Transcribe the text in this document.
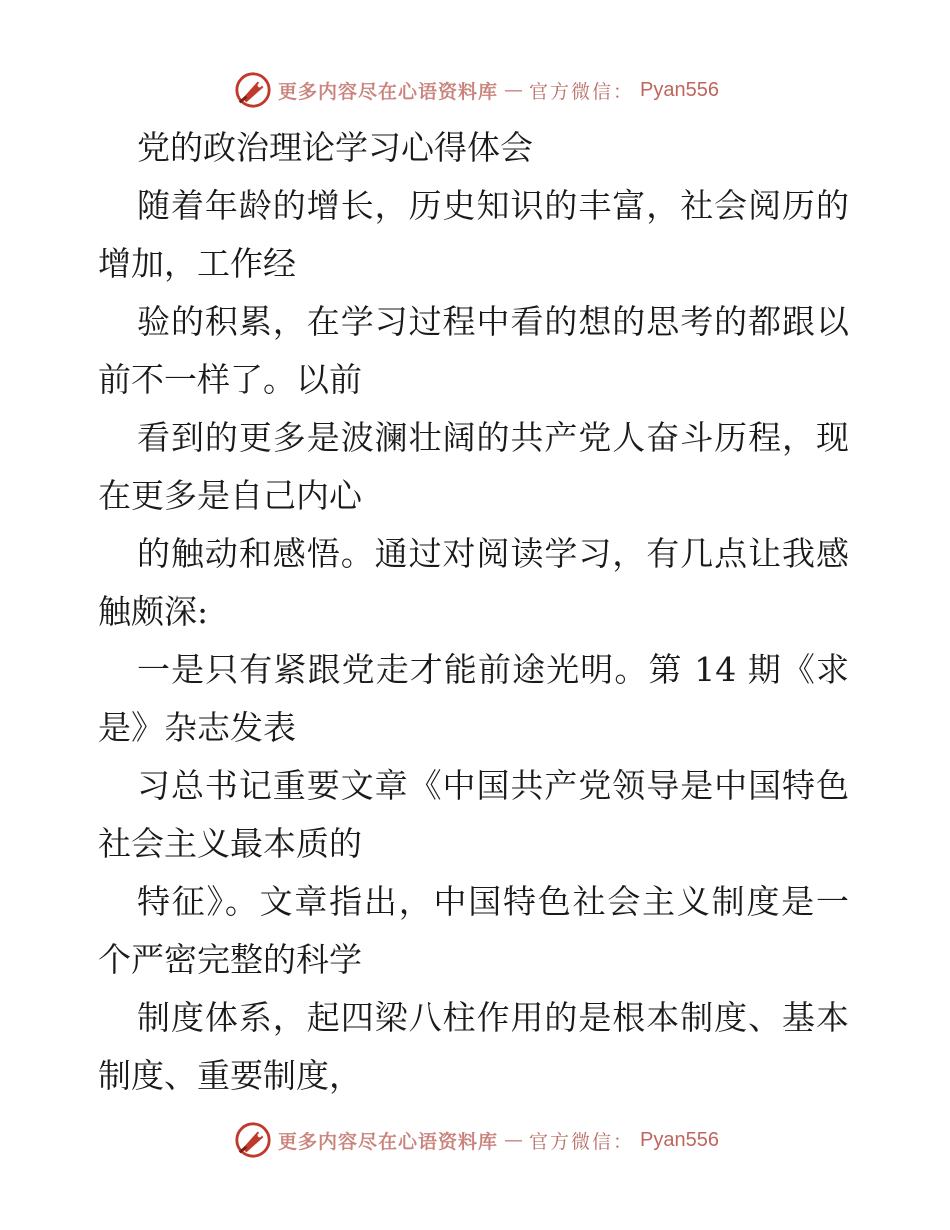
更多内容尽在心语资料库 — 官方微信： Pyan556
党的政治理论学习心得体会
随着年龄的增长，历史知识的丰富，社会阅历的
增加，工作经
验的积累，在学习过程中看的想的思考的都跟以
前不一样了。以前
看到的更多是波澜壮阔的共产党人奋斗历程，现
在更多是自己内心
的触动和感悟。通过对阅读学习，有几点让我感
触颇深:
一是只有紧跟党走才能前途光明。第 14 期《求
是》杂志发表
习总书记重要文章《中国共产党领导是中国特色
社会主义最本质的
特征》。文章指出，中国特色社会主义制度是一
个严密完整的科学
制度体系，起四梁八柱作用的是根本制度、基本
制度、重要制度，
更多内容尽在心语资料库 — 官方微信： Pyan556
